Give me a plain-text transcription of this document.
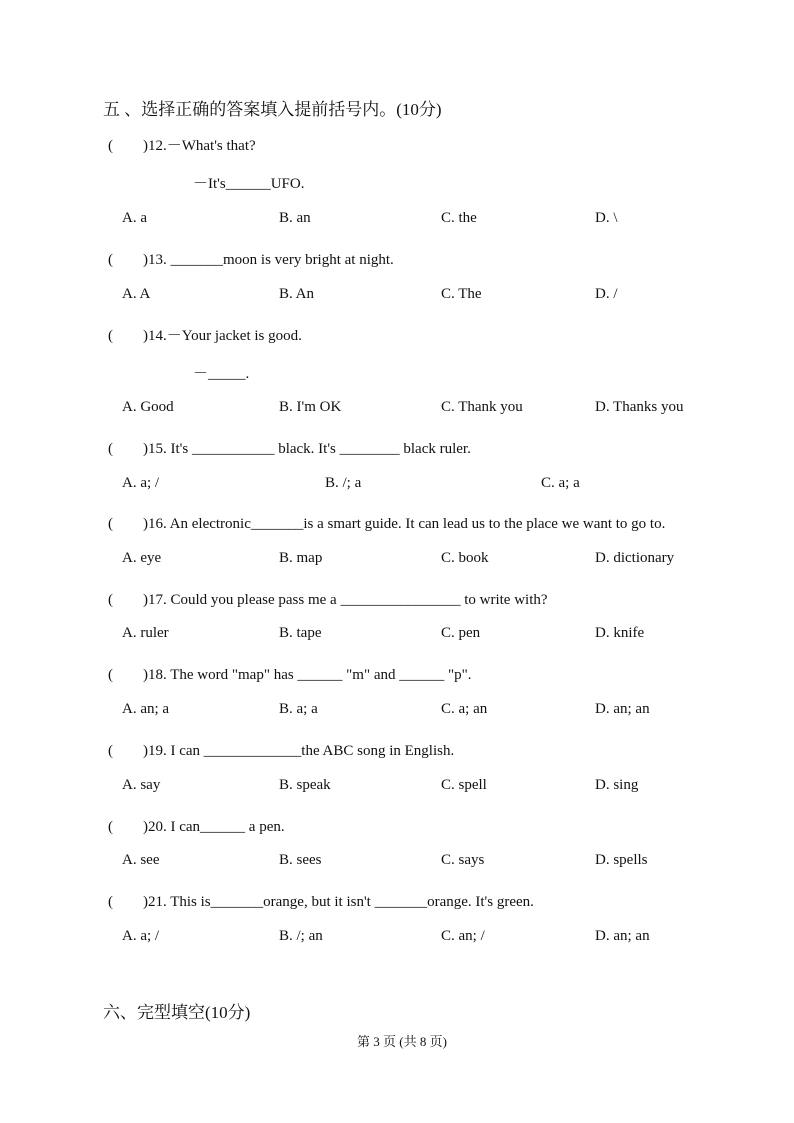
五 、选择正确的答案填入提前括号内。(10分)
(　　)12.－What's that?
－It's______UFO.
A. a	B. an	C. the	D. \
(　　)13. _______moon is very bright at night.
A. A	B. An	C. The	D. /
(　　)14.－Your jacket is good.
－_____.
A. Good	B. I'm OK	C. Thank you	D. Thanks you
(　　)15. It's ___________ black. It's ________ black ruler.
A. a; /	B. /; a	C. a; a
(　　)16. An electronic_______is a smart guide. It can lead us to the place we want to go to.
A. eye	B. map	C. book	D. dictionary
(　　)17. Could you please pass me a ________________ to write with?
A. ruler	B. tape	C. pen	D. knife
(　　)18. The word "map" has ______ "m" and ______ "p".
A. an; a	B. a; a	C. a; an	D. an; an
(　　)19. I can _____________the ABC song in English.
A. say	B. speak	C. spell	D. sing
(　　)20. I can______ a pen.
A. see	B. sees	C. says	D. spells
(　　)21. This is_______orange, but it isn't _______orange. It's green.
A. a; /	B. /; an	C. an; /	D. an; an
六、完型填空(10分)
第 3 页 (共 8 页)
